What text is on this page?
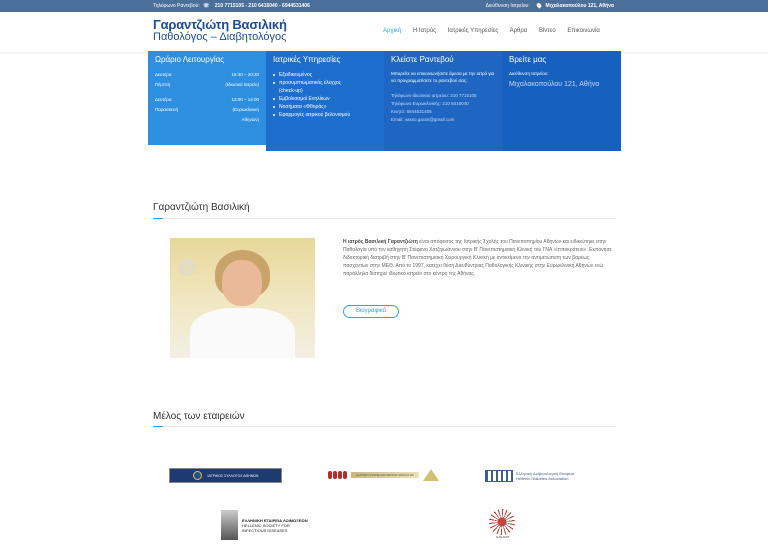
Τηλέφωνο Ραντεβού: ☏ 210 7715105 - 210 6416040 - 6944531406	Διεύθυνση Ιατρείου:	Μιχαλακοπούλου 121, Αθήνα
Γαραντζιώτη Βασιλική
Παθολόγος – Διαβητολόγος	Αρχική Η Ιατρός Ιατρικές Υπηρεσίες Άρθρα Βίντεο Επικοινωνία
Ωράριο Λειτουργίας
Δευτέρα	16:30 – 20:30
Πέμπτη	(Ιδιωτικό Ιατρείο)
Δευτέρα	13:00 – 14:00
Παρασκευή	(Ευρωκλινική
Αθηνών)
Ιατρικές Υπηρεσίες
Εξειδικευμένος
προσυμπτωματικός έλεγχος
(check-up)
Εμβολιασμοί Ενηλίκων
Νοσήματα «Φθοράς»
Εφαρμογές ιατρικού βελονισμού
Κλείστε Ραντεβού

Μπορείτε να επικοινωνήσετε άμεσα με την ιατρό για να προγραμματίσετε το ραντεβού σας.

Τηλέφωνο ιδιωτικού ιατρείου: 210 7715105
Τηλέφωνο Ευρωκλινικής: 210 6416040
Κινητό: 6944531406
Email: vasso.garan@gmail.com
Βρείτε μας
Διεύθυνση Ιατρείου:
Μιχαλακοπούλου 121, Αθήνα
Γαραντζιώτη Βασιλική
Η ιατρός Βασιλική Γαραντζιώτη είναι απόφοιτος της Ιατρικής Σχολής του Πανεπιστημίου Αθηνών και ειδικεύτηκε στην Παθολογία υπό τον καθηγητή Στέφανο Χατζηιωάννου στην Β' Πανεπιστημιακή Κλινική του ΓΝΑ «Ιπποκράτειο». Εκπόνησε διδακτορική διατριβή στην Β' Πανεπιστημιακή Χειρουργική Κλινική με αντικείμενο την αντιμετώπιση των βαρέως πασχόντων στην ΜΕΘ. Από το 1997, κατέχει θέση Διευθύντριας Παθολογικής Κλινικής στην Ευρωκλινική Αθηνών ενώ παράλληλα διατηρεί ιδιωτικό ιατρείο στο κέντρο της Αθήνας.
Βιογραφικό
Μέλος των εταιρειών
ΙΑΤΡΙΚΟΣ ΣΥΛΛΟΓΟΣ ΑΘΗΝΩΝ	ΕΛΛΗΝΙΚΗ ΕΤΑΙΡΕΙΑ ΕΣΩΤΕΡΙΚΗΣ ΠΑΘΟΛΟΓΙΑΣ	Ελληνική Διαβητολογική Εταιρεία
Hellenic Diabetes Association
ΕΛΛΗΝΙΚΗ ΕΤΑΙΡΕΙΑ ΛΟΙΜΩΞΕΩΝ
HELLENIC SOCIETY FOR INFECTIOUS DISEASES
ΕΛΕΑΜΙΤ
